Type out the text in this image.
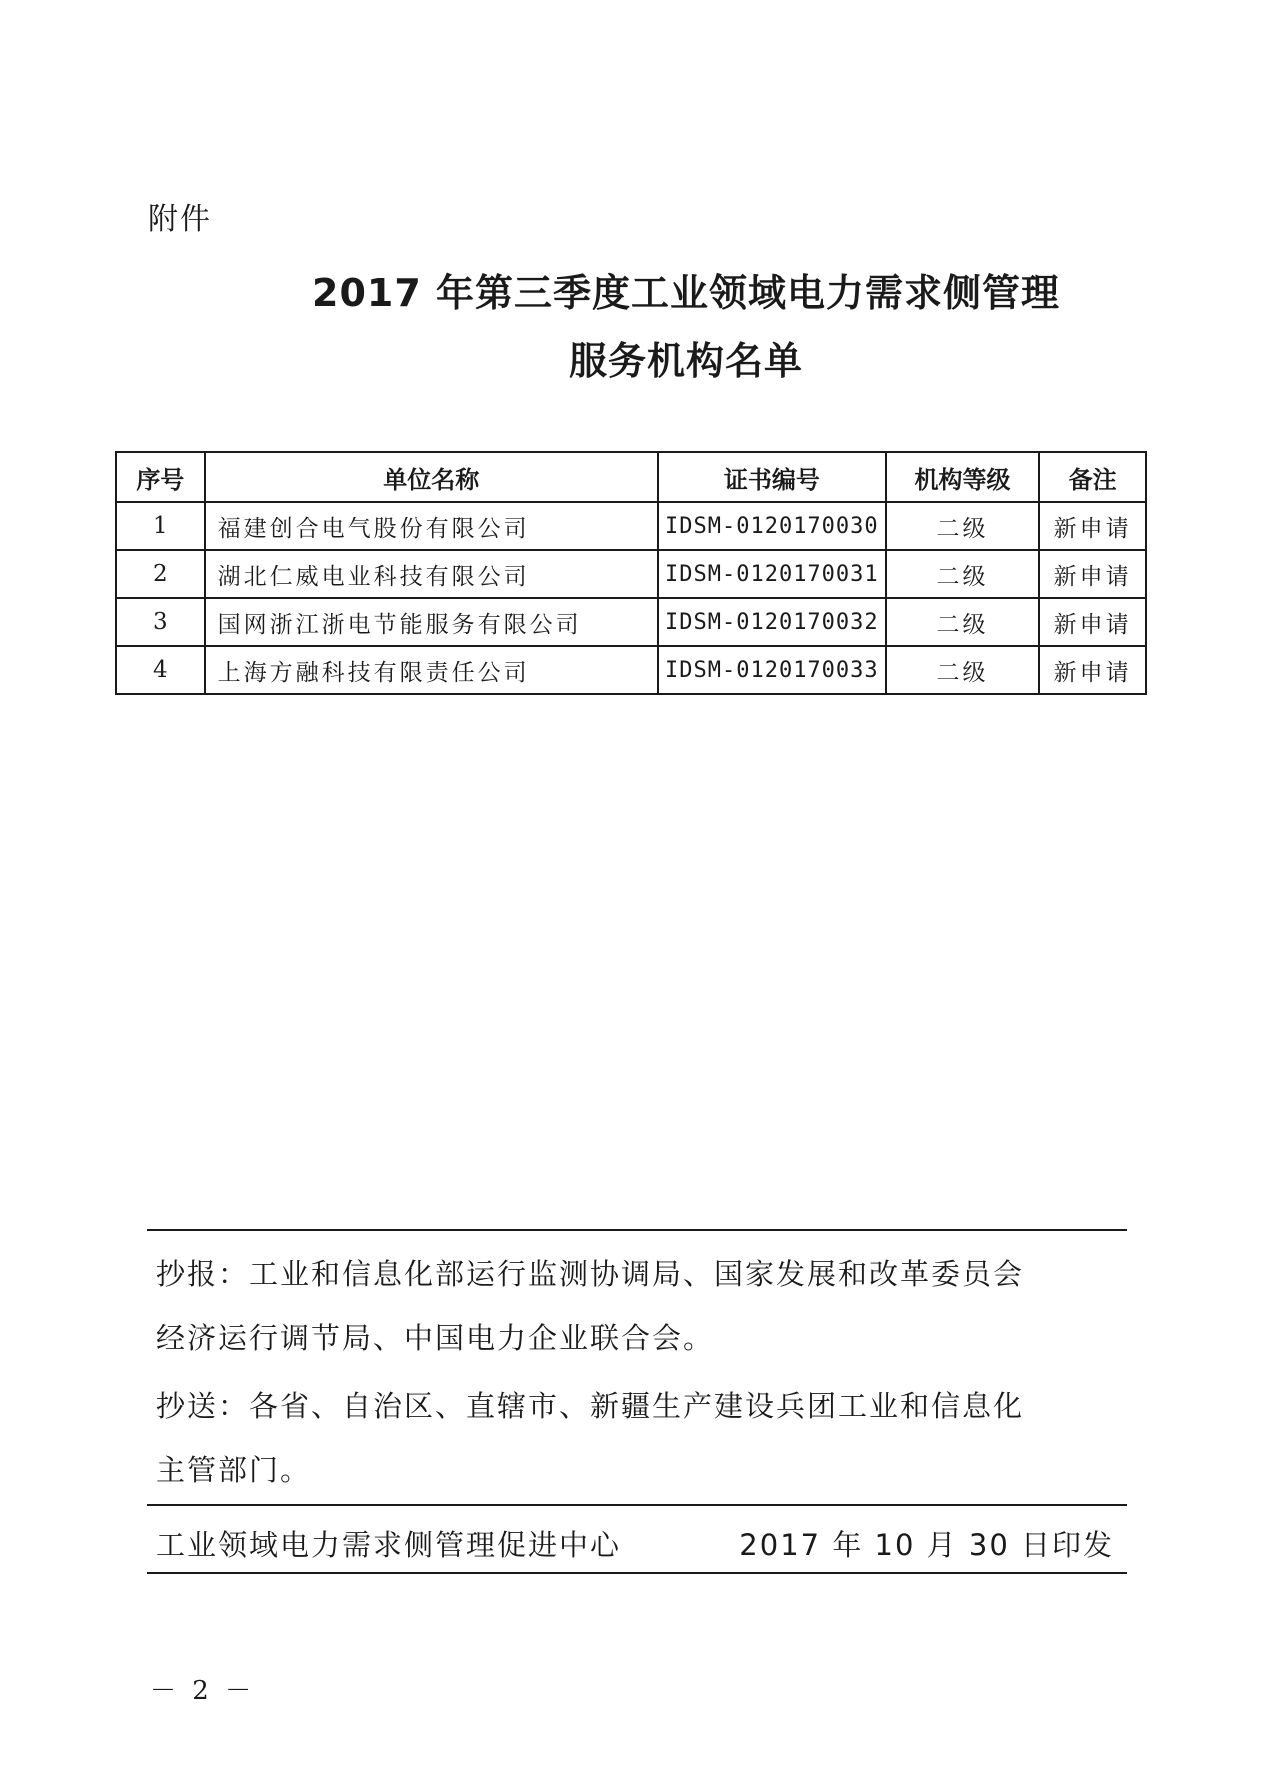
附件
2017 年第三季度工业领域电力需求侧管理
服务机构名单
序号	单位名称	证书编号	机构等级	备注
1	福建创合电气股份有限公司	IDSM-0120170030	二级	新申请
2	湖北仁威电业科技有限公司	IDSM-0120170031	二级	新申请
3	国网浙江浙电节能服务有限公司	IDSM-0120170032	二级	新申请
4	上海方融科技有限责任公司	IDSM-0120170033	二级	新申请
抄报：工业和信息化部运行监测协调局、国家发展和改革委员会
经济运行调节局、中国电力企业联合会。
抄送：各省、自治区、直辖市、新疆生产建设兵团工业和信息化
主管部门。
工业领域电力需求侧管理促进中心	2017 年 10 月 30 日印发
－ 2 －
